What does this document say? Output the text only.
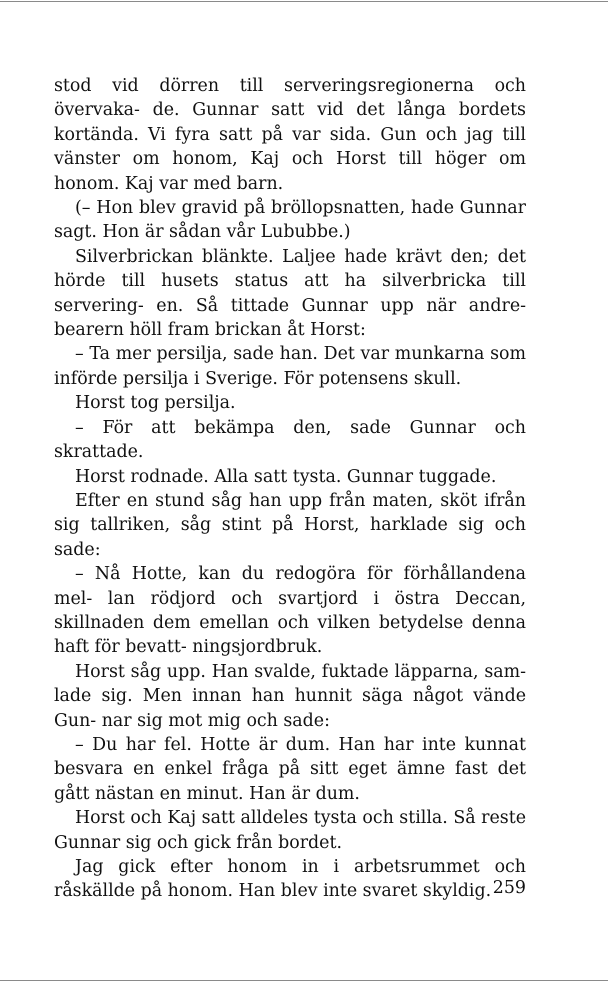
stod vid dörren till serveringsregionerna och övervaka- de. Gunnar satt vid det långa bordets kortända. Vi fyra satt på var sida. Gun och jag till vänster om honom, Kaj och Horst till höger om honom. Kaj var med barn.

(– Hon blev gravid på bröllopsnatten, hade Gunnar sagt. Hon är sådan vår Lububbe.)

Silverbrickan blänkte. Laljee hade krävt den; det hörde till husets status att ha silverbricka till servering- en. Så tittade Gunnar upp när andre-bearern höll fram brickan åt Horst:

– Ta mer persilja, sade han. Det var munkarna som införde persilja i Sverige. För potensens skull.

Horst tog persilja.

– För att bekämpa den, sade Gunnar och skrattade.

Horst rodnade. Alla satt tysta. Gunnar tuggade.

Efter en stund såg han upp från maten, sköt ifrån sig tallriken, såg stint på Horst, harklade sig och sade:

– Nå Hotte, kan du redogöra för förhållandena mel- lan rödjord och svartjord i östra Deccan, skillnaden dem emellan och vilken betydelse denna haft för bevatt- ningsjordbruk.

Horst såg upp. Han svalde, fuktade läpparna, sam- lade sig. Men innan han hunnit säga något vände Gun- nar sig mot mig och sade:

– Du har fel. Hotte är dum. Han har inte kunnat besvara en enkel fråga på sitt eget ämne fast det gått nästan en minut. Han är dum.

Horst och Kaj satt alldeles tysta och stilla. Så reste Gunnar sig och gick från bordet.

Jag gick efter honom in i arbetsrummet och råskällde på honom. Han blev inte svaret skyldig. 259
